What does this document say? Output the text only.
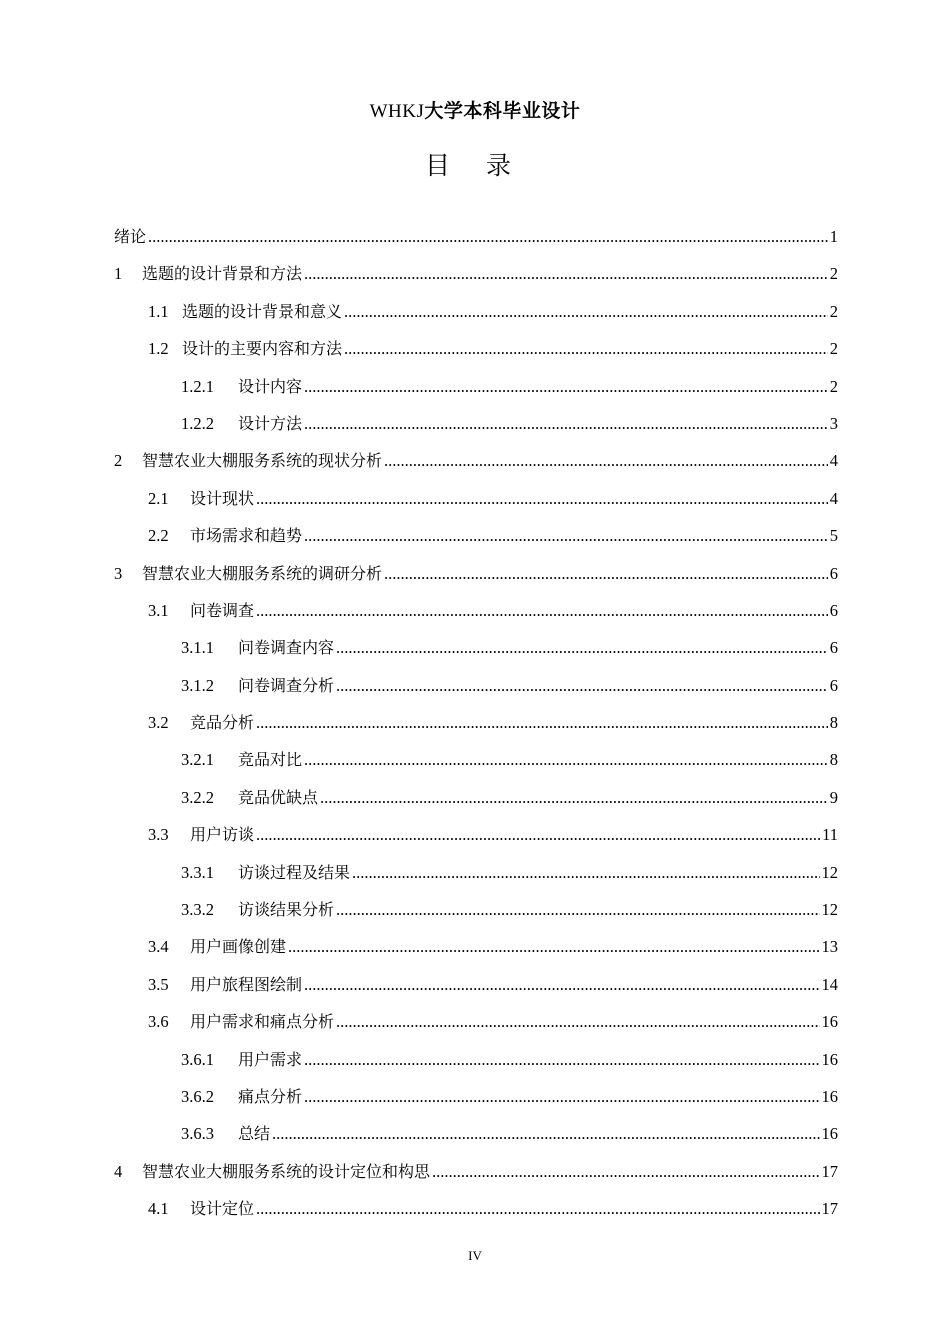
WHKJ大学本科毕业设计
目 录
绪论 .....	1
1	选题的设计背景和方法 .....	2
1.1 选题的设计背景和意义 .....	2
1.2 设计的主要内容和方法 .....	2
1.2.1	设计内容 .....	2
1.2.2	设计方法 .....	3
2	智慧农业大棚服务系统的现状分析 .....	4
2.1	设计现状 .....	4
2.2	市场需求和趋势 .....	5
3	智慧农业大棚服务系统的调研分析 .....	6
3.1	问卷调查 .....	6
3.1.1	问卷调查内容 .....	6
3.1.2	问卷调查分析 .....	6
3.2	竞品分析 .....	8
3.2.1	竞品对比 .....	8
3.2.2	竞品优缺点 .....	9
3.3	用户访谈 .....	11
3.3.1	访谈过程及结果 .....	12
3.3.2	访谈结果分析 .....	12
3.4	用户画像创建 .....	13
3.5	用户旅程图绘制 .....	14
3.6	用户需求和痛点分析 .....	16
3.6.1	用户需求 .....	16
3.6.2	痛点分析 .....	16
3.6.3	总结 .....	16
4	智慧农业大棚服务系统的设计定位和构思 .....	17
4.1	设计定位 .....	17
IV
